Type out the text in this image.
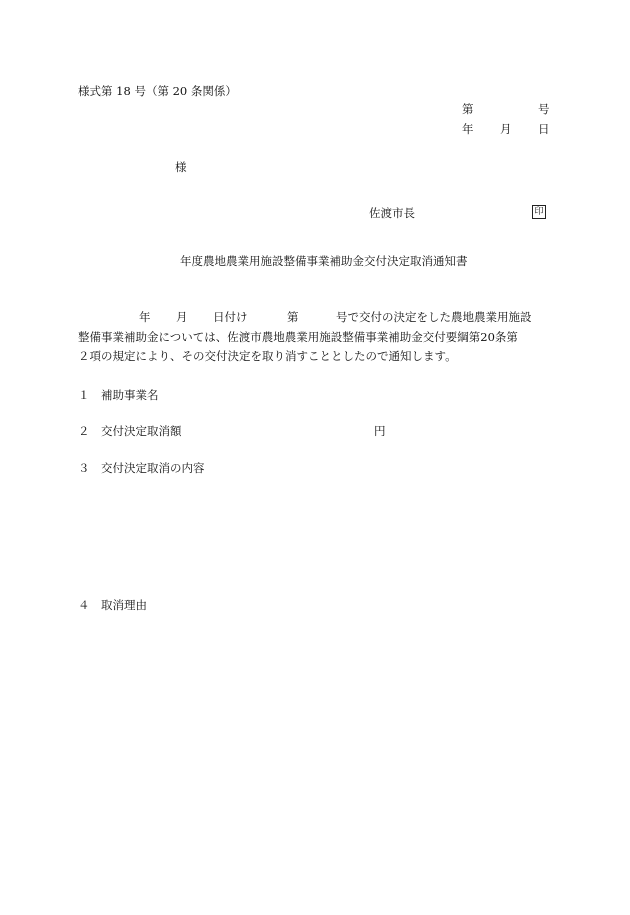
様式第 18 号（第 20 条関係）
第	号
年 月 日
様
佐渡市長	印
年度農地農業用施設整備事業補助金交付決定取消通知書
年 月 日付け	第	号で交付の決定をした農地農業用施設
整備事業補助金については、佐渡市農地農業用施設整備事業補助金交付要綱第20条第
２項の規定により、その交付決定を取り消すこととしたので通知します。
１ 補助事業名
２ 交付決定取消額	円
３ 交付決定取消の内容
４ 取消理由
